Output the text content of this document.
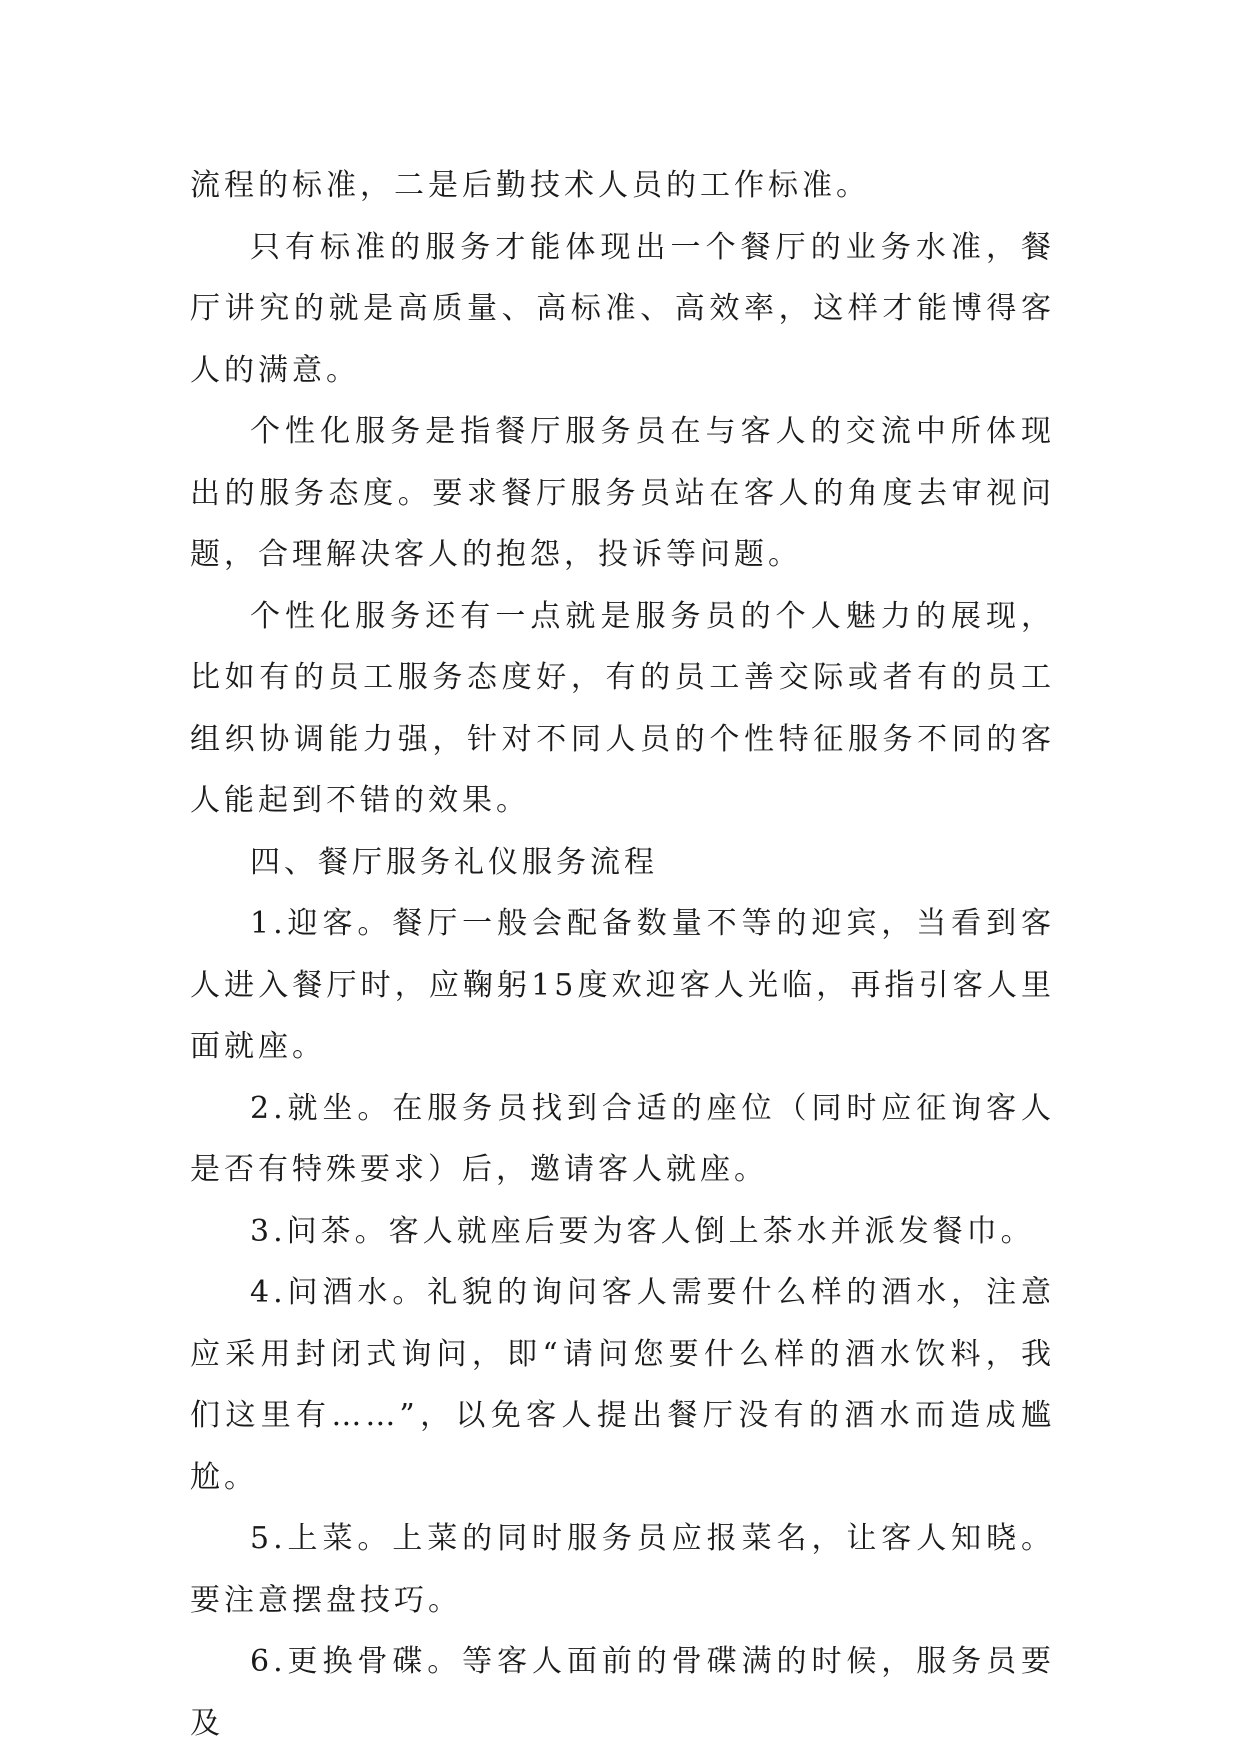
流程的标准，二是后勤技术人员的工作标准。

只有标准的服务才能体现出一个餐厅的业务水准，餐厅讲究的就是高质量、高标准、高效率，这样才能博得客人的满意。

个性化服务是指餐厅服务员在与客人的交流中所体现出的服务态度。要求餐厅服务员站在客人的角度去审视问题，合理解决客人的抱怨，投诉等问题。

个性化服务还有一点就是服务员的个人魅力的展现，比如有的员工服务态度好，有的员工善交际或者有的员工组织协调能力强，针对不同人员的个性特征服务不同的客人能起到不错的效果。

四、餐厅服务礼仪服务流程

1.迎客。餐厅一般会配备数量不等的迎宾，当看到客人进入餐厅时，应鞠躬15度欢迎客人光临，再指引客人里面就座。

2.就坐。在服务员找到合适的座位（同时应征询客人是否有特殊要求）后，邀请客人就座。

3.问茶。客人就座后要为客人倒上茶水并派发餐巾。

4.问酒水。礼貌的询问客人需要什么样的酒水，注意应采用封闭式询问，即“请问您要什么样的酒水饮料，我们这里有……”，以免客人提出餐厅没有的酒水而造成尴尬。

5.上菜。上菜的同时服务员应报菜名，让客人知晓。要注意摆盘技巧。

6.更换骨碟。等客人面前的骨碟满的时候，服务员要及
